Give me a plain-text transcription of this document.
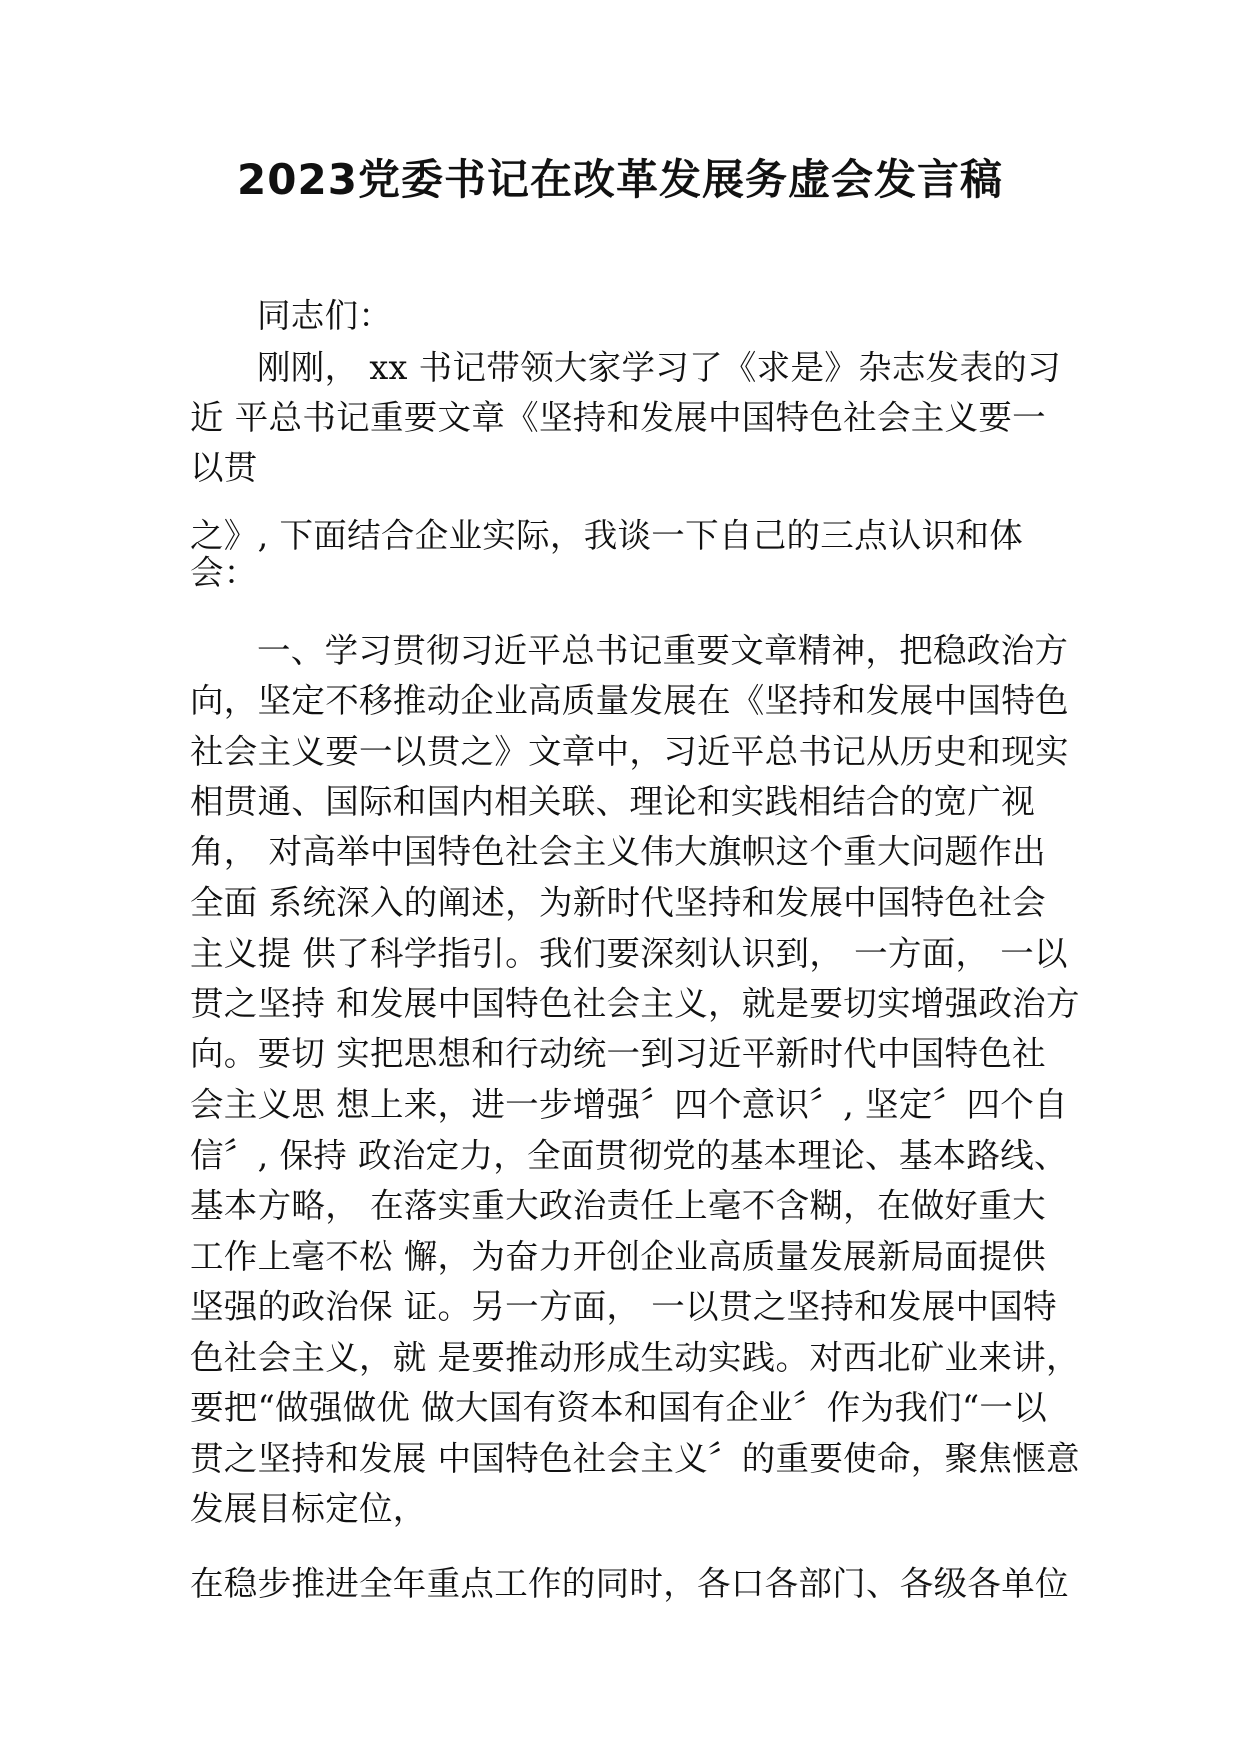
2023党委书记在改革发展务虚会发言稿

同志们：

刚刚， xx 书记带领大家学习了《求是》杂志发表的习

近 平总书记重要文章《坚持和发展中国特色社会主义要一

以贯

之》, 下面结合企业实际，我谈一下自己的三点认识和体

会：

一、学习贯彻习近平总书记重要文章精神，把稳政治方

向，坚定不移推动企业高质量发展在《坚持和发展中国特色

社会主义要一以贯之》文章中，习近平总书记从历史和现实

相贯通、国际和国内相关联、理论和实践相结合的宽广视

角， 对高举中国特色社会主义伟大旗帜这个重大问题作出

全面 系统深入的阐述，为新时代坚持和发展中国特色社会

主义提 供了科学指引。我们要深刻认识到， 一方面， 一以

贯之坚持 和发展中国特色社会主义，就是要切实增强政治方

向。要切 实把思想和行动统一到习近平新时代中国特色社

会主义思 想上来，进一步增强〞四个意识〞, 坚定〞四个自

信〞, 保持 政治定力，全面贯彻党的基本理论、基本路线、

基本方略， 在落实重大政治责任上毫不含糊，在做好重大

工作上毫不松 懈，为奋力开创企业高质量发展新局面提供

坚强的政治保 证。另一方面， 一以贯之坚持和发展中国特

色社会主义，就 是要推动形成生动实践。对西北矿业来讲，

要把“做强做优 做大国有资本和国有企业〞作为我们“一以

贯之坚持和发展 中国特色社会主义〞的重要使命，聚焦惬意

发展目标定位，

在稳步推进全年重点工作的同时，各口各部门、各级各单位
